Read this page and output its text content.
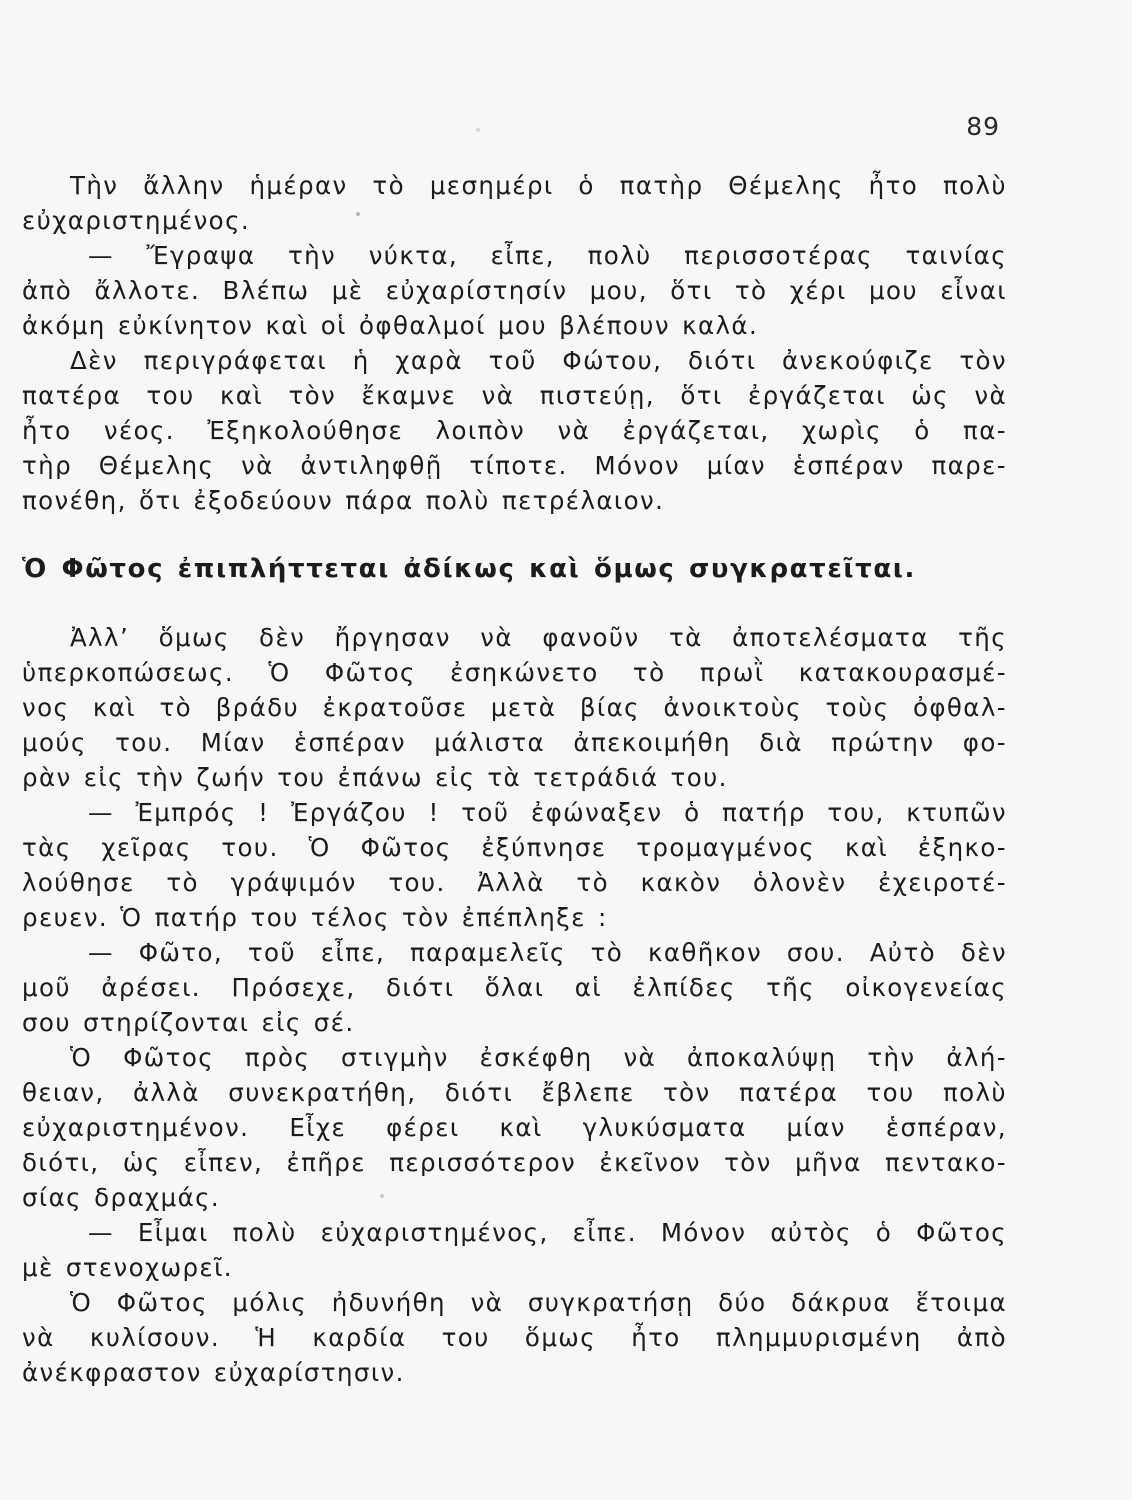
89
Τὴν ἄλλην ἡμέραν τὸ μεσημέρι ὁ πατὴρ Θέμελης ἦτο πολὺ
εὐχαριστημένος.
— Ἔγραψα τὴν νύκτα, εἶπε, πολὺ περισσοτέρας ταινίας
ἀπὸ ἄλλοτε. Βλέπω μὲ εὐχαρίστησίν μου, ὅτι τὸ χέρι μου εἶναι
ἀκόμη εὐκίνητον καὶ οἱ ὀφθαλμοί μου βλέπουν καλά.
Δὲν περιγράφεται ἡ χαρὰ τοῦ Φώτου, διότι ἀνεκούφιζε τὸν
πατέρα του καὶ τὸν ἔκαμνε νὰ πιστεύῃ, ὅτι ἐργάζεται ὡς νὰ
ἦτο νέος. Ἐξηκολούθησε λοιπὸν νὰ ἐργάζεται, χωρὶς ὁ πα-
τὴρ Θέμελης νὰ ἀντιληφθῇ τίποτε. Μόνον μίαν ἑσπέραν παρε-
πονέθη, ὅτι ἐξοδεύουν πάρα πολὺ πετρέλαιον.
Ὁ Φῶτος ἐπιπλήττεται ἀδίκως καὶ ὅμως συγκρατεῖται.
Ἀλλ’ ὅμως δὲν ἤργησαν νὰ φανοῦν τὰ ἀποτελέσματα τῆς
ὑπερκοπώσεως. Ὁ Φῶτος ἐσηκώνετο τὸ πρωῒ κατακουρασμέ-
νος καὶ τὸ βράδυ ἐκρατοῦσε μετὰ βίας ἀνοικτοὺς τοὺς ὀφθαλ-
μούς του. Μίαν ἑσπέραν μάλιστα ἀπεκοιμήθη διὰ πρώτην φο-
ρὰν εἰς τὴν ζωήν του ἐπάνω εἰς τὰ τετράδιά του.
— Ἐμπρός ! Ἐργάζου ! τοῦ ἐφώναξεν ὁ πατήρ του, κτυπῶν
τὰς χεῖρας του. Ὁ Φῶτος ἐξύπνησε τρομαγμένος καὶ ἐξηκο-
λούθησε τὸ γράψιμόν του. Ἀλλὰ τὸ κακὸν ὁλονὲν ἐχειροτέ-
ρευεν. Ὁ πατήρ του τέλος τὸν ἐπέπληξε :
— Φῶτο, τοῦ εἶπε, παραμελεῖς τὸ καθῆκον σου. Αὐτὸ δὲν
μοῦ ἀρέσει. Πρόσεχε, διότι ὅλαι αἱ ἐλπίδες τῆς οἰκογενείας
σου στηρίζονται εἰς σέ.
Ὁ Φῶτος πρὸς στιγμὴν ἐσκέφθη νὰ ἀποκαλύψῃ τὴν ἀλή-
θειαν, ἀλλὰ συνεκρατήθη, διότι ἔβλεπε τὸν πατέρα του πολὺ
εὐχαριστημένον. Εἶχε φέρει καὶ γλυκύσματα μίαν ἑσπέραν,
διότι, ὡς εἶπεν, ἐπῆρε περισσότερον ἐκεῖνον τὸν μῆνα πεντακο-
σίας δραχμάς.
— Εἶμαι πολὺ εὐχαριστημένος, εἶπε. Μόνον αὐτὸς ὁ Φῶτος
μὲ στενοχωρεῖ.
Ὁ Φῶτος μόλις ἠδυνήθη νὰ συγκρατήσῃ δύο δάκρυα ἕτοιμα
νὰ κυλίσουν. Ἡ καρδία του ὅμως ἦτο πλημμυρισμένη ἀπὸ
ἀνέκφραστον εὐχαρίστησιν.
